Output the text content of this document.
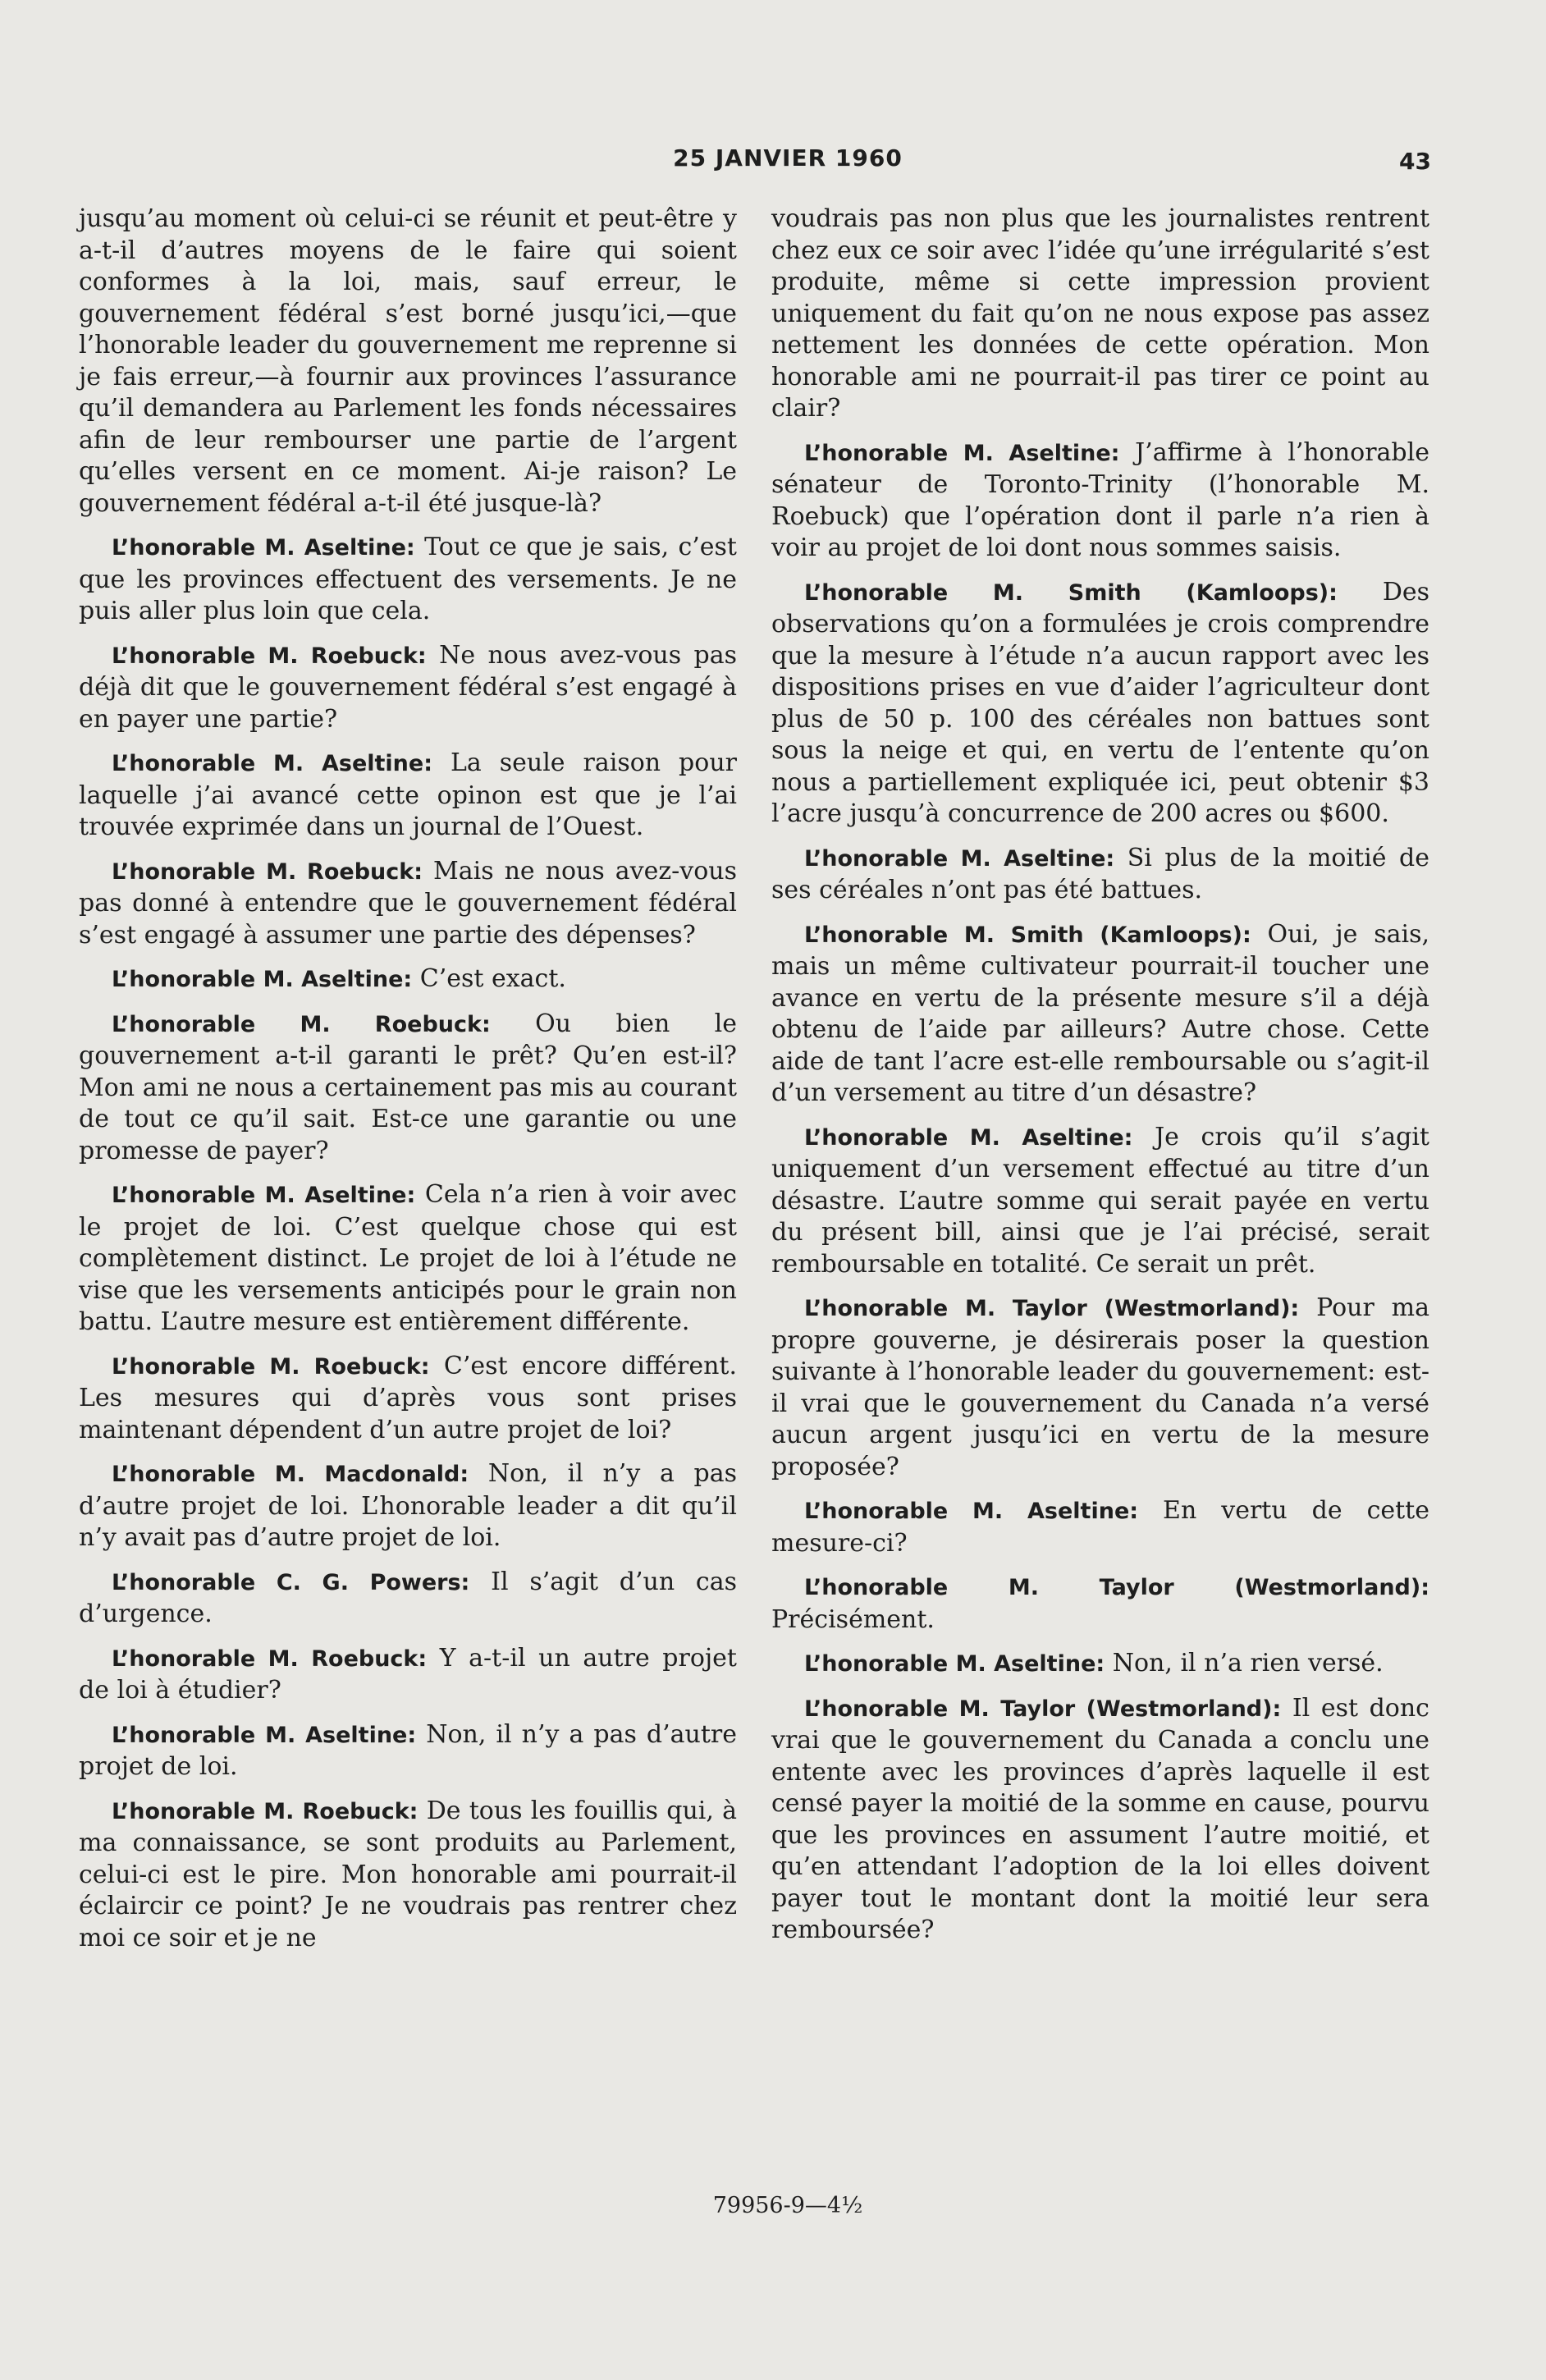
25 JANVIER 1960	43

jusqu’au moment où celui-ci se réunit et peut-être y a-t-il d’autres moyens de le faire qui soient conformes à la loi, mais, sauf erreur, le gouvernement fédéral s’est borné jusqu’ici,—que l’honorable leader du gouvernement me reprenne si je fais erreur,—à fournir aux provinces l’assurance qu’il demandera au Parlement les fonds nécessaires afin de leur rembourser une partie de l’argent qu’elles versent en ce moment. Ai-je raison? Le gouvernement fédéral a-t-il été jusque-là?

L’honorable M. Aseltine: Tout ce que je sais, c’est que les provinces effectuent des versements. Je ne puis aller plus loin que cela.

L’honorable M. Roebuck: Ne nous avez-vous pas déjà dit que le gouvernement fédéral s’est engagé à en payer une partie?

L’honorable M. Aseltine: La seule raison pour laquelle j’ai avancé cette opinon est que je l’ai trouvée exprimée dans un journal de l’Ouest.

L’honorable M. Roebuck: Mais ne nous avez-vous pas donné à entendre que le gouvernement fédéral s’est engagé à assumer une partie des dépenses?

L’honorable M. Aseltine: C’est exact.

L’honorable M. Roebuck: Ou bien le gouvernement a-t-il garanti le prêt? Qu’en est-il? Mon ami ne nous a certainement pas mis au courant de tout ce qu’il sait. Est-ce une garantie ou une promesse de payer?

L’honorable M. Aseltine: Cela n’a rien à voir avec le projet de loi. C’est quelque chose qui est complètement distinct. Le projet de loi à l’étude ne vise que les versements anticipés pour le grain non battu. L’autre mesure est entièrement différente.

L’honorable M. Roebuck: C’est encore différent. Les mesures qui d’après vous sont prises maintenant dépendent d’un autre projet de loi?

L’honorable M. Macdonald: Non, il n’y a pas d’autre projet de loi. L’honorable leader a dit qu’il n’y avait pas d’autre projet de loi.

L’honorable C. G. Powers: Il s’agit d’un cas d’urgence.

L’honorable M. Roebuck: Y a-t-il un autre projet de loi à étudier?

L’honorable M. Aseltine: Non, il n’y a pas d’autre projet de loi.

L’honorable M. Roebuck: De tous les fouillis qui, à ma connaissance, se sont produits au Parlement, celui-ci est le pire. Mon honorable ami pourrait-il éclaircir ce point? Je ne voudrais pas rentrer chez moi ce soir et je ne

voudrais pas non plus que les journalistes rentrent chez eux ce soir avec l’idée qu’une irrégularité s’est produite, même si cette impression provient uniquement du fait qu’on ne nous expose pas assez nettement les données de cette opération. Mon honorable ami ne pourrait-il pas tirer ce point au clair?

L’honorable M. Aseltine: J’affirme à l’honorable sénateur de Toronto-Trinity (l’honorable M. Roebuck) que l’opération dont il parle n’a rien à voir au projet de loi dont nous sommes saisis.

L’honorable M. Smith (Kamloops): Des observations qu’on a formulées je crois comprendre que la mesure à l’étude n’a aucun rapport avec les dispositions prises en vue d’aider l’agriculteur dont plus de 50 p. 100 des céréales non battues sont sous la neige et qui, en vertu de l’entente qu’on nous a partiellement expliquée ici, peut obtenir $3 l’acre jusqu’à concurrence de 200 acres ou $600.

L’honorable M. Aseltine: Si plus de la moitié de ses céréales n’ont pas été battues.

L’honorable M. Smith (Kamloops): Oui, je sais, mais un même cultivateur pourrait-il toucher une avance en vertu de la présente mesure s’il a déjà obtenu de l’aide par ailleurs? Autre chose. Cette aide de tant l’acre est-elle remboursable ou s’agit-il d’un versement au titre d’un désastre?

L’honorable M. Aseltine: Je crois qu’il s’agit uniquement d’un versement effectué au titre d’un désastre. L’autre somme qui serait payée en vertu du présent bill, ainsi que je l’ai précisé, serait remboursable en totalité. Ce serait un prêt.

L’honorable M. Taylor (Westmorland): Pour ma propre gouverne, je désirerais poser la question suivante à l’honorable leader du gouvernement: est-il vrai que le gouvernement du Canada n’a versé aucun argent jusqu’ici en vertu de la mesure proposée?

L’honorable M. Aseltine: En vertu de cette mesure-ci?

L’honorable M. Taylor (Westmorland): Précisément.

L’honorable M. Aseltine: Non, il n’a rien versé.

L’honorable M. Taylor (Westmorland): Il est donc vrai que le gouvernement du Canada a conclu une entente avec les provinces d’après laquelle il est censé payer la moitié de la somme en cause, pourvu que les provinces en assument l’autre moitié, et qu’en attendant l’adoption de la loi elles doivent payer tout le montant dont la moitié leur sera remboursée?

79956-9—4½
